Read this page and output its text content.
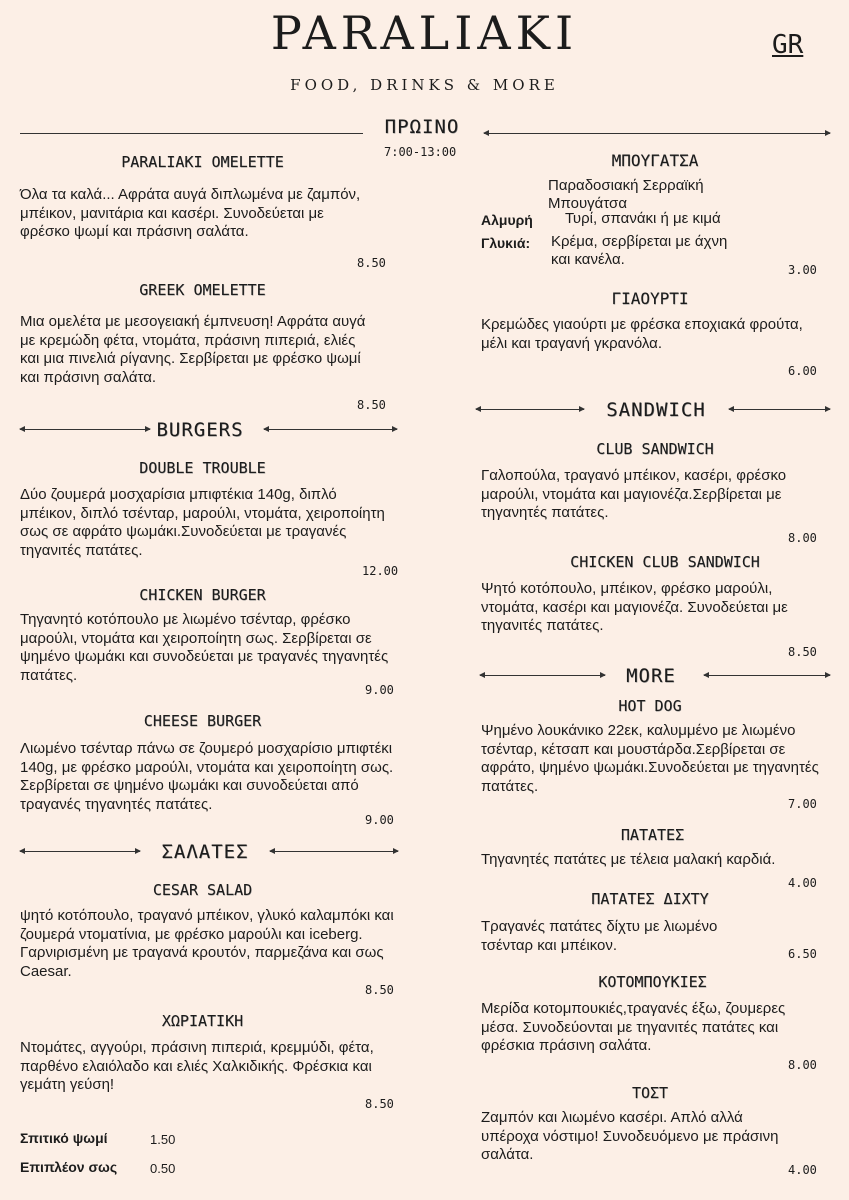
PARALIAKI
FOOD, DRINKS & MORE
GR
ΠΡΩΙΝΟ
7:00-13:00
PARALIAKI OMELETTE
Όλα τα καλά... Αφράτα αυγά διπλωμένα με ζαμπόν, μπέικον, μανιτάρια και κασέρι. Συνοδεύεται με φρέσκο ψωμί και πράσινη σαλάτα.
8.50
GREEK OMELETTE
Μια ομελέτα με μεσογειακή έμπνευση! Αφράτα αυγά με κρεμώδη φέτα, ντομάτα, πράσινη πιπεριά, ελιές και μια πινελιά ρίγανης. Σερβίρεται με φρέσκο ψωμί και πράσινη σαλάτα.
8.50
BURGERS
DOUBLE TROUBLE
Δύο ζουμερά μοσχαρίσια μπιφτέκια 140g, διπλό μπέικον, διπλό τσένταρ, μαρούλι, ντομάτα, χειροποίητη σως σε αφράτο ψωμάκι.Συνοδεύεται με τραγανές τηγανιτές πατάτες.
12.00
CHICKEN BURGER
Τηγανητό κοτόπουλο με λιωμένο τσένταρ, φρέσκο μαρούλι, ντομάτα και χειροποίητη σως. Σερβίρεται σε ψημένο ψωμάκι και συνοδεύεται με τραγανές τηγανητές πατάτες.
9.00
CHEESE BURGER
Λιωμένο τσένταρ πάνω σε ζουμερό μοσχαρίσιο μπιφτέκι 140g, με φρέσκο μαρούλι, ντομάτα και χειροποίητη σως. Σερβίρεται σε ψημένο ψωμάκι και συνοδεύεται από τραγανές τηγανητές πατάτες.
9.00
ΣΑΛΑΤΕΣ
CESAR SALAD
ψητό κοτόπουλο, τραγανό μπέικον, γλυκό καλαμπόκι και ζουμερά ντοματίνια, με φρέσκο μαρούλι και iceberg. Γαρνιρισμένη με τραγανά κρουτόν, παρμεζάνα και σως Caesar.
8.50
ΧΩΡΙΑΤΙΚΗ
Ντομάτες, αγγούρι, πράσινη πιπεριά, κρεμμύδι, φέτα, παρθένο ελαιόλαδο και ελιές Χαλκιδικής. Φρέσκια και γεμάτη γεύση!
8.50
Σπιτικό ψωμί	1.50
Επιπλέον σως	0.50
ΜΠΟΥΓΑΤΣΑ
Παραδοσιακή Σερραϊκή
Μπουγάτσα
Αλμυρή Τυρί, σπανάκι ή με κιμά
Γλυκιά: Κρέμα, σερβίρεται με άχνη
και κανέλα.
3.00
ΓΙΑΟΥΡΤΙ
Κρεμώδες γιαούρτι με φρέσκα εποχιακά φρούτα, μέλι και τραγανή γκρανόλα.
6.00
SANDWICH
CLUB SANDWICH
Γαλοπούλα, τραγανό μπέικον, κασέρι, φρέσκο μαρούλι, ντομάτα και μαγιονέζα.Σερβίρεται με τηγανητές πατάτες.
8.00
CHICKEN CLUB SANDWICH
Ψητό κοτόπουλο, μπέικον, φρέσκο μαρούλι, ντομάτα, κασέρι και μαγιονέζα. Συνοδεύεται με τηγανιτές πατάτες.
8.50
MORE
HOT DOG
Ψημένο λουκάνικο 22εκ, καλυμμένο με λιωμένο τσένταρ, κέτσαπ και μουστάρδα.Σερβίρεται σε αφράτο, ψημένο ψωμάκι.Συνοδεύεται με τηγανητές πατάτες.
7.00
ΠΑΤΑΤΕΣ
Τηγανητές πατάτες με τέλεια μαλακή καρδιά.
4.00
ΠΑΤΑΤΕΣ ΔΙΧΤΥ
Τραγανές πατάτες δίχτυ με λιωμένο τσένταρ και μπέικον.
6.50
ΚΟΤΟΜΠΟΥΚΙΕΣ
Μερίδα κοτομπουκιές,τραγανές έξω, ζουμερες μέσα. Συνοδεύονται με τηγανιτές πατάτες και φρέσκια πράσινη σαλάτα.
8.00
ΤΟΣΤ
Ζαμπόν και λιωμένο κασέρι. Απλό αλλά υπέροχα νόστιμο! Συνοδευόμενο με πράσινη σαλάτα.
4.00
